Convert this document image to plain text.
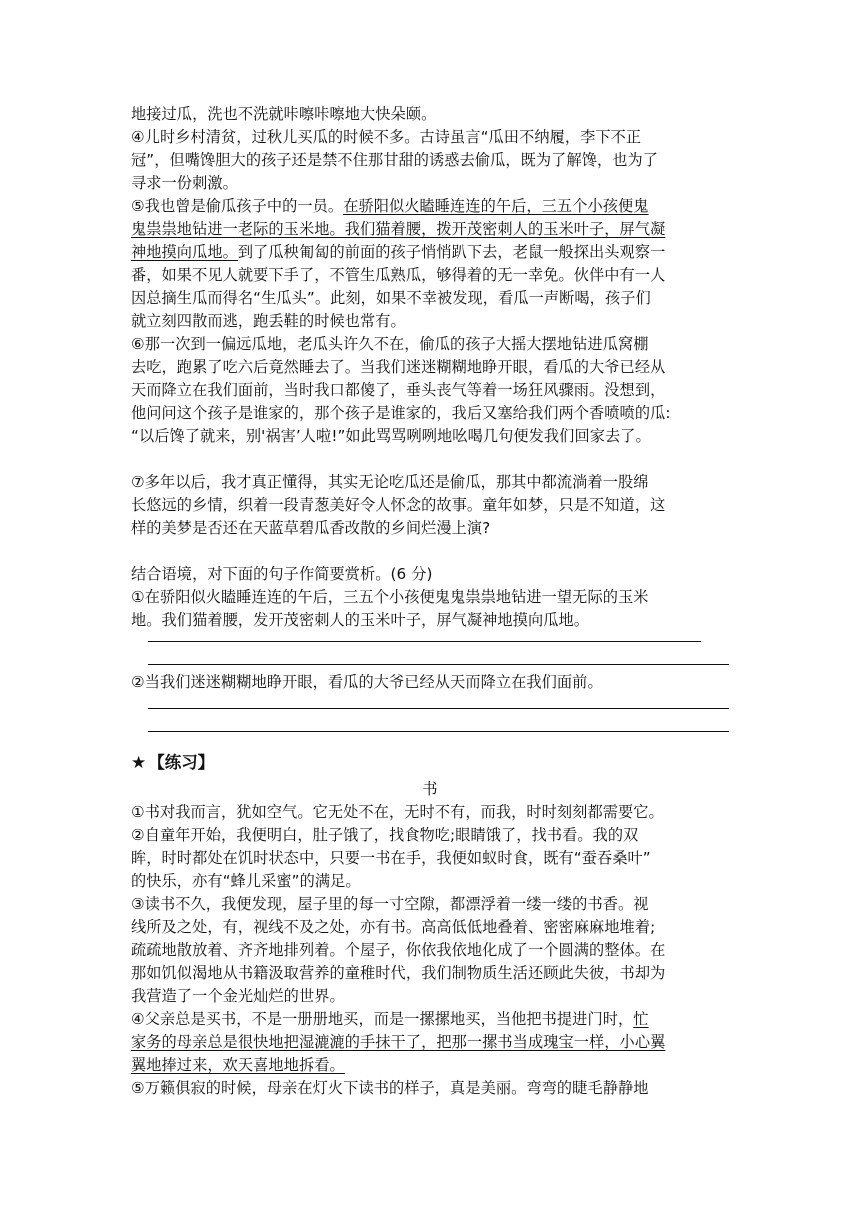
地接过瓜，洗也不洗就咔嚓咔嚓地大快朵颐。
④儿时乡村清贫，过秋儿买瓜的时候不多。古诗虽言“瓜田不纳履，李下不正
冠”，但嘴馋胆大的孩子还是禁不住那甘甜的诱惑去偷瓜，既为了解馋，也为了
寻求一份刺激。
⑤我也曾是偷瓜孩子中的一员。在骄阳似火瞌睡连连的午后，三五个小孩便鬼
鬼祟祟地钻进一老际的玉米地。我们猫着腰，拨开茂密刺人的玉米叶子，屏气凝
神地摸向瓜地。到了瓜秧匍匐的前面的孩子悄悄趴下去，老鼠一般探出头观察一
番，如果不见人就要下手了，不管生瓜熟瓜，够得着的无一幸免。伙伴中有一人
因总摘生瓜而得名“生瓜头”。此刻，如果不幸被发现，看瓜一声断喝，孩子们
就立刻四散而逃，跑丢鞋的时候也常有。
⑥那一次到一偏远瓜地，老瓜头许久不在，偷瓜的孩子大摇大摆地钻进瓜窝棚
去吃，跑累了吃六后竟然睡去了。当我们迷迷糊糊地睁开眼，看瓜的大爷已经从
天而降立在我们面前，当时我口都傻了，垂头丧气等着一场狂风骤雨。没想到，
他问问这个孩子是谁家的，那个孩子是谁家的，我后又塞给我们两个香喷喷的瓜:
“以后馋了就来，别'祸害’人啦!”如此骂骂咧咧地吆喝几句便发我们回家去了。
⑦多年以后，我才真正懂得，其实无论吃瓜还是偷瓜，那其中都流淌着一股绵
长悠远的乡情，织着一段青葱美好令人怀念的故事。童年如梦，只是不知道，这
样的美梦是否还在天蓝草碧瓜香改散的乡间烂漫上演?
结合语境，对下面的句子作简要赏析。(6 分)
①在骄阳似火瞌睡连连的午后，三五个小孩便鬼鬼祟祟地钻进一望无际的玉米
地。我们猫着腰，发开茂密刺人的玉米叶子，屏气凝神地摸向瓜地。
②当我们迷迷糊糊地睁开眼，看瓜的大爷已经从天而降立在我们面前。
★ 【练习】
书
①书对我而言，犹如空气。它无处不在，无时不有，而我，时时刻刻都需要它。
②自童年开始，我便明白，肚子饿了，找食物吃;眼睛饿了，找书看。我的双
眸，时时都处在饥时状态中，只要一书在手，我便如蚁时食，既有“蚕吞桑叶”
的快乐，亦有“蜂儿采蜜”的满足。
③读书不久，我便发现，屋子里的每一寸空隙，都漂浮着一缕一缕的书香。视
线所及之处，有，视线不及之处，亦有书。高高低低地叠着、密密麻麻地堆着;
疏疏地散放着、齐齐地排列着。个屋子，你依我依地化成了一个圆满的整体。在
那如饥似渴地从书籍汲取营养的童稚时代，我们制物质生活还顾此失彼，书却为
我营造了一个金光灿烂的世界。
④父亲总是买书，不是一册册地买，而是一摞摞地买，当他把书提进门时，忙
家务的母亲总是很快地把湿漉漉的手抹干了，把那一摞书当成瑰宝一样，小心翼
翼地捧过来，欢天喜地地拆看。
⑤万籁俱寂的时候，母亲在灯火下读书的样子，真是美丽。弯弯的睫毛静静地
